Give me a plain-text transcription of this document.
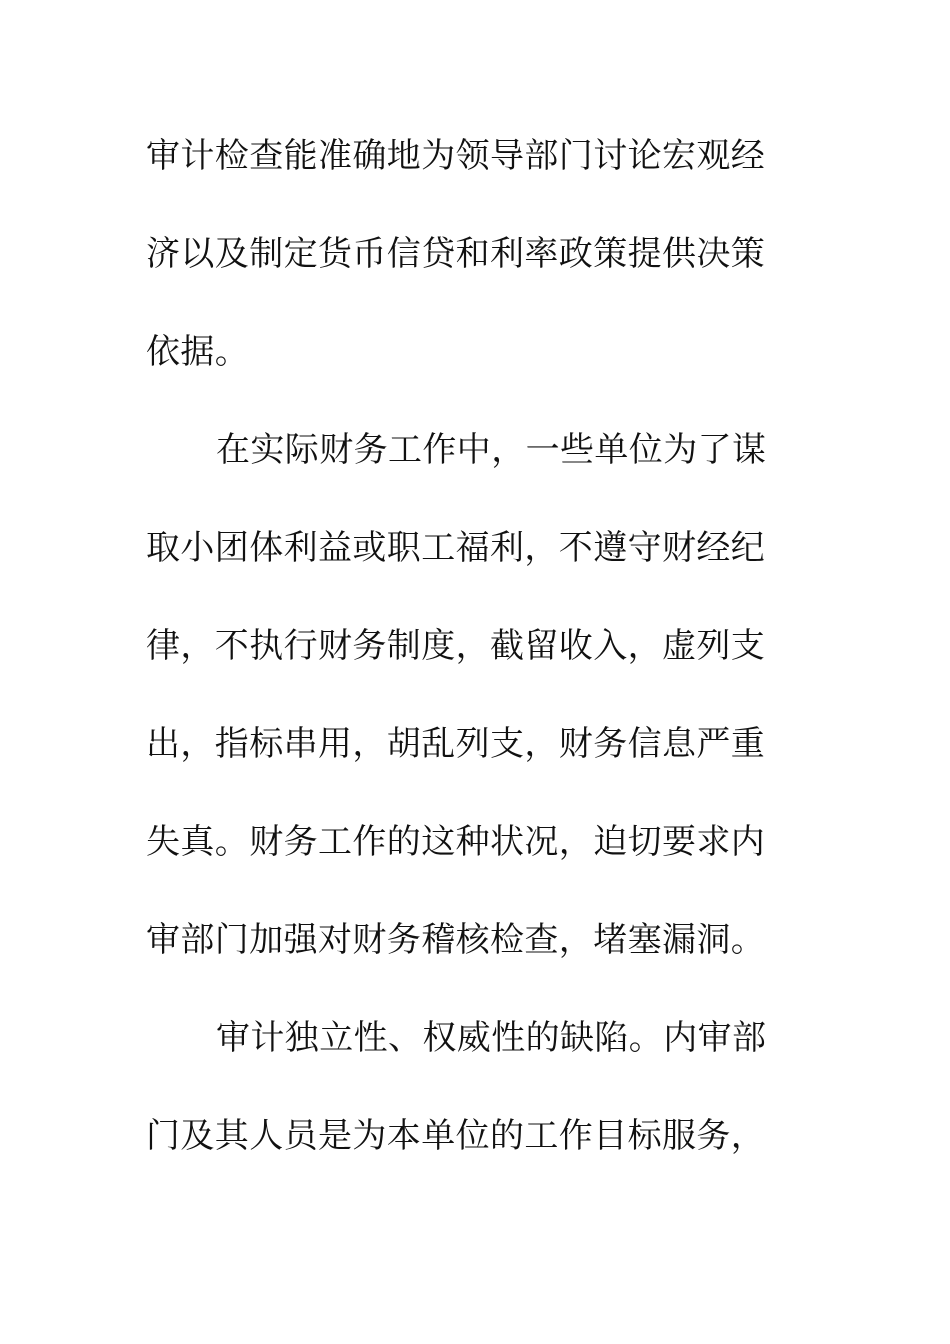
审计检查能准确地为领导部门讨论宏观经
济以及制定货币信贷和利率政策提供决策
依据。
在实际财务工作中，一些单位为了谋
取小团体利益或职工福利，不遵守财经纪
律，不执行财务制度，截留收入，虚列支
出，指标串用，胡乱列支，财务信息严重
失真。财务工作的这种状况，迫切要求内
审部门加强对财务稽核检查，堵塞漏洞。
审计独立性、权威性的缺陷。内审部
门及其人员是为本单位的工作目标服务，
